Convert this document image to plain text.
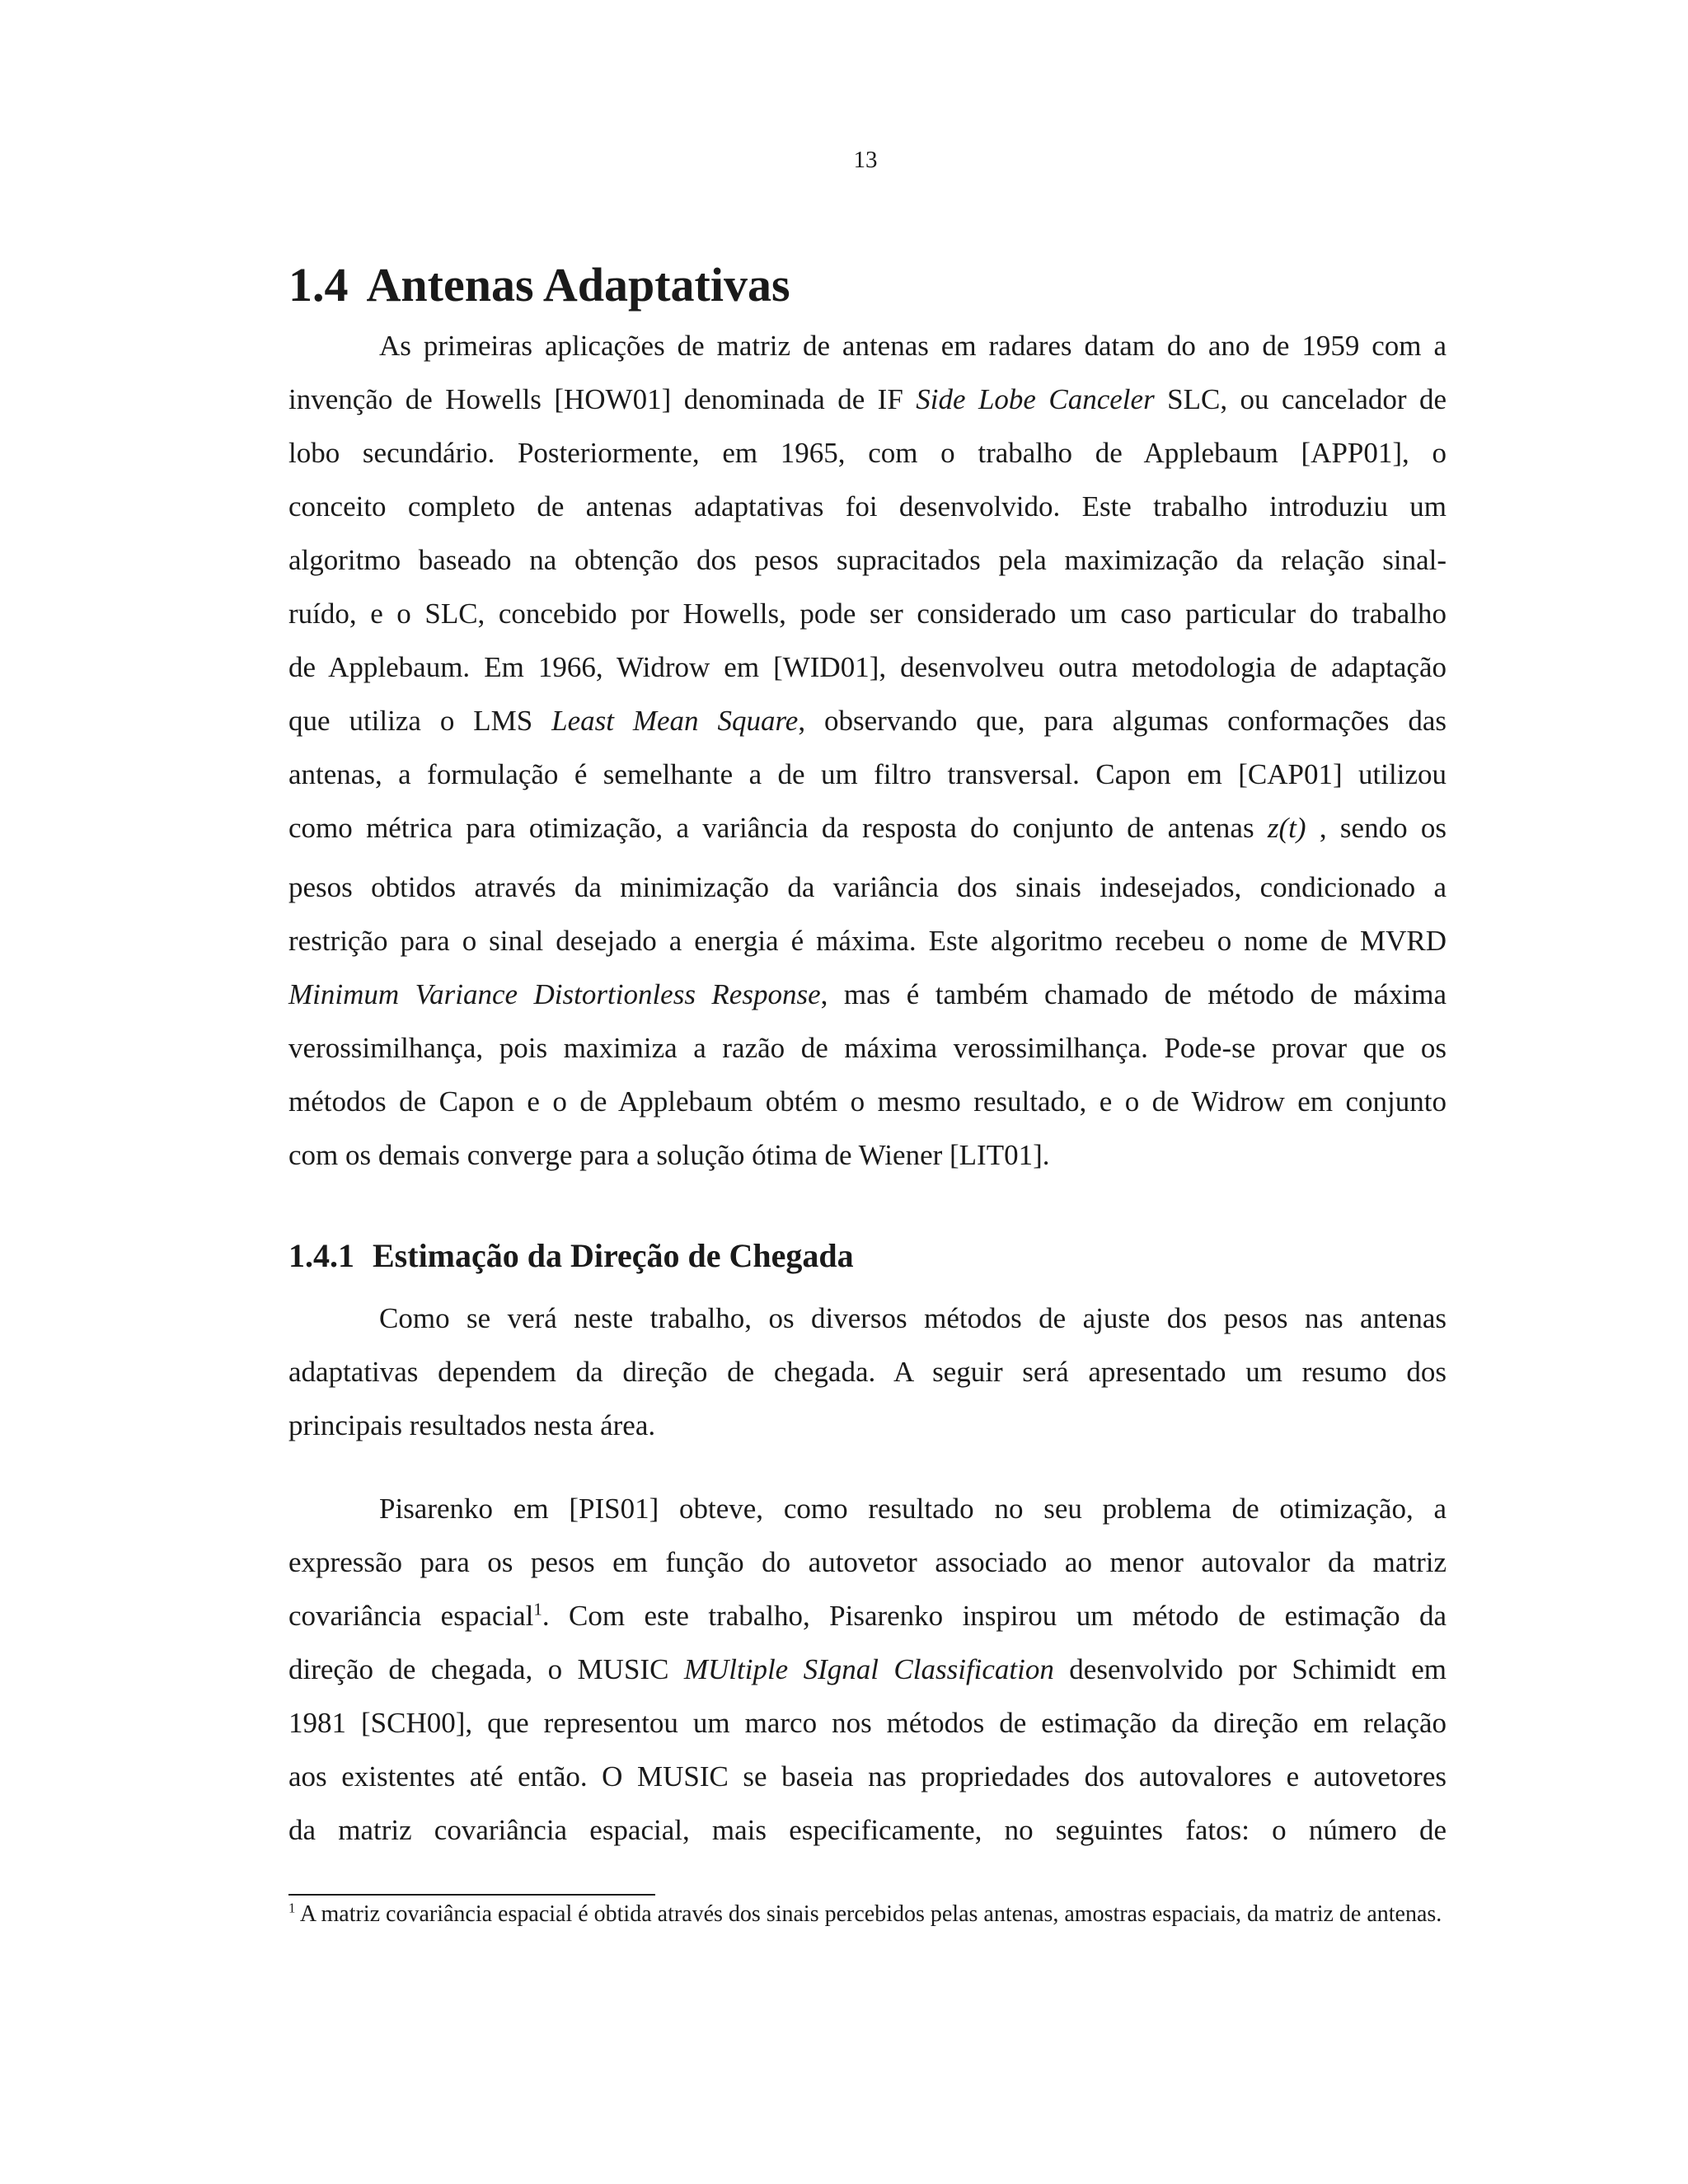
13
1.4 Antenas Adaptativas
As primeiras aplicações de matriz de antenas em radares datam do ano de 1959 com a
invenção de Howells [HOW01] denominada de IF Side Lobe Canceler SLC, ou cancelador de
lobo secundário. Posteriormente, em 1965, com o trabalho de Applebaum [APP01], o
conceito completo de antenas adaptativas foi desenvolvido. Este trabalho introduziu um
algoritmo baseado na obtenção dos pesos supracitados pela maximização da relação sinal-
ruído, e o SLC, concebido por Howells, pode ser considerado um caso particular do trabalho
de Applebaum. Em 1966, Widrow em [WID01], desenvolveu outra metodologia de adaptação
que utiliza o LMS Least Mean Square, observando que, para algumas conformações das
antenas, a formulação é semelhante a de um filtro transversal. Capon em [CAP01] utilizou
como métrica para otimização, a variância da resposta do conjunto de antenas z(t) , sendo os
pesos obtidos através da minimização da variância dos sinais indesejados, condicionado a
restrição para o sinal desejado a energia é máxima. Este algoritmo recebeu o nome de MVRD
Minimum Variance Distortionless Response, mas é também chamado de método de máxima
verossimilhança, pois maximiza a razão de máxima verossimilhança. Pode-se provar que os
métodos de Capon e o de Applebaum obtém o mesmo resultado, e o de Widrow em conjunto
com os demais converge para a solução ótima de Wiener [LIT01].
1.4.1 Estimação da Direção de Chegada
Como se verá neste trabalho, os diversos métodos de ajuste dos pesos nas antenas
adaptativas dependem da direção de chegada. A seguir será apresentado um resumo dos
principais resultados nesta área.
Pisarenko em [PIS01] obteve, como resultado no seu problema de otimização, a
expressão para os pesos em função do autovetor associado ao menor autovalor da matriz
covariância espacial$^1$. Com este trabalho, Pisarenko inspirou um método de estimação da
direção de chegada, o MUSIC MUltiple SIgnal Classification desenvolvido por Schimidt em
1981 [SCH00], que representou um marco nos métodos de estimação da direção em relação
aos existentes até então. O MUSIC se baseia nas propriedades dos autovalores e autovetores
da matriz covariância espacial, mais especificamente, no seguintes fatos: o número de

$^1$ A matriz covariância espacial é obtida através dos sinais percebidos pelas antenas, amostras espaciais, da matriz de antenas.
